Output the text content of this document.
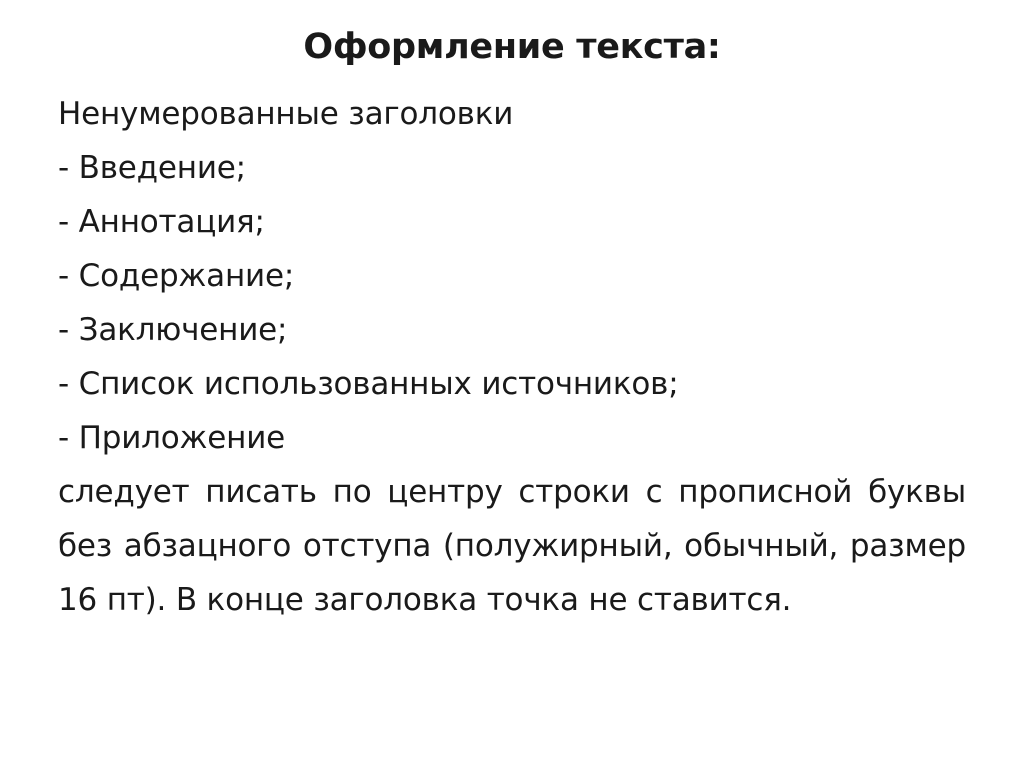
Оформление текста:
Ненумерованные заголовки
- Введение;
- Аннотация;
- Содержание;
- Заключение;
- Список использованных источников;
- Приложение
следует писать по центру строки с прописной буквы без абзацного отступа (полужирный, обычный, размер 16 пт). В конце заголовка точка не ставится.
